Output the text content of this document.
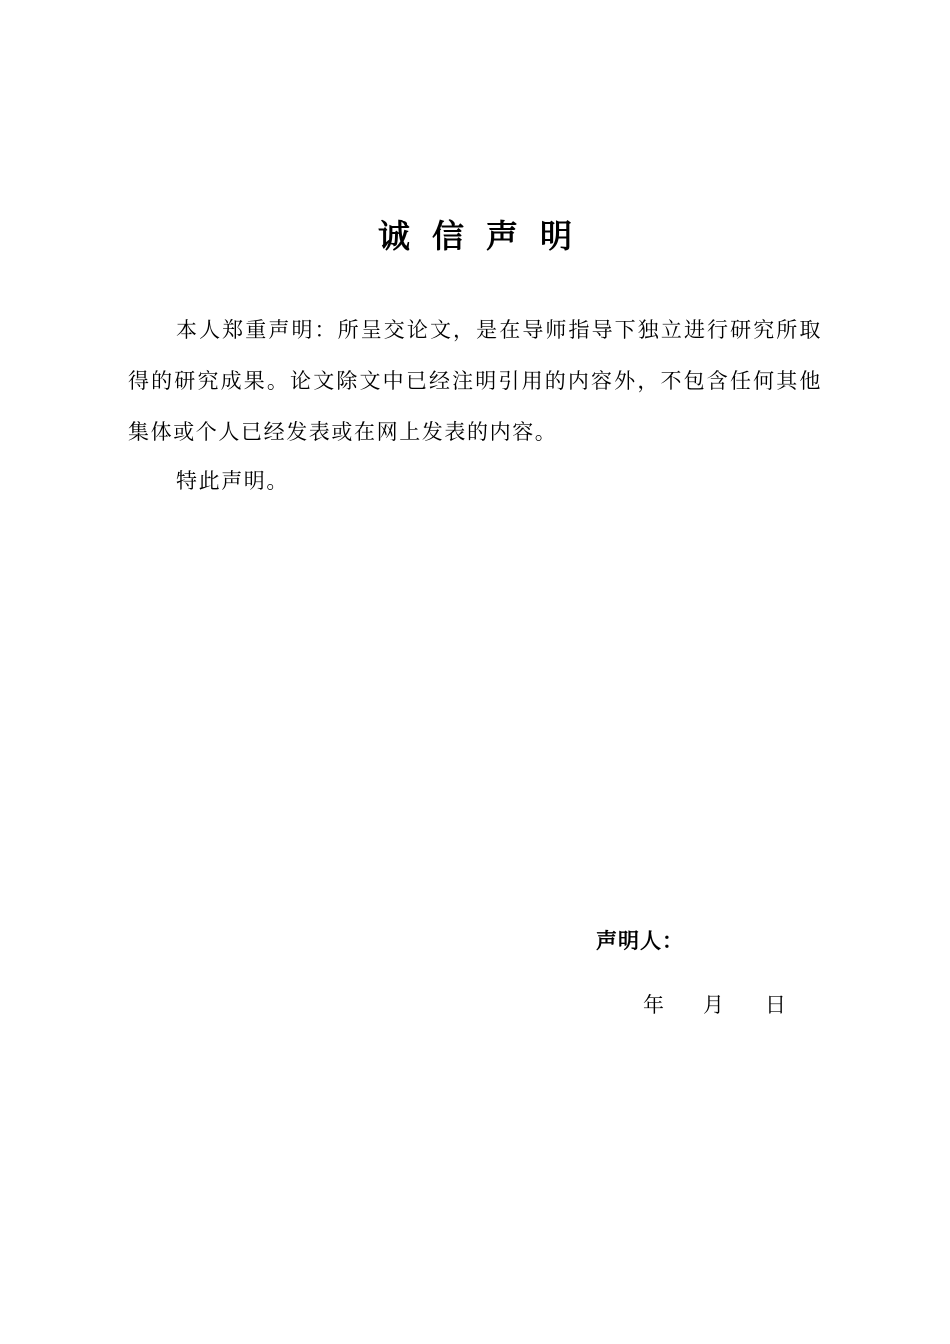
诚信声明

本人郑重声明：所呈交论文，是在导师指导下独立进行研究所取得的研究成果。论文除文中已经注明引用的内容外，不包含任何其他集体或个人已经发表或在网上发表的内容。

特此声明。

声明人：
年 月 日
